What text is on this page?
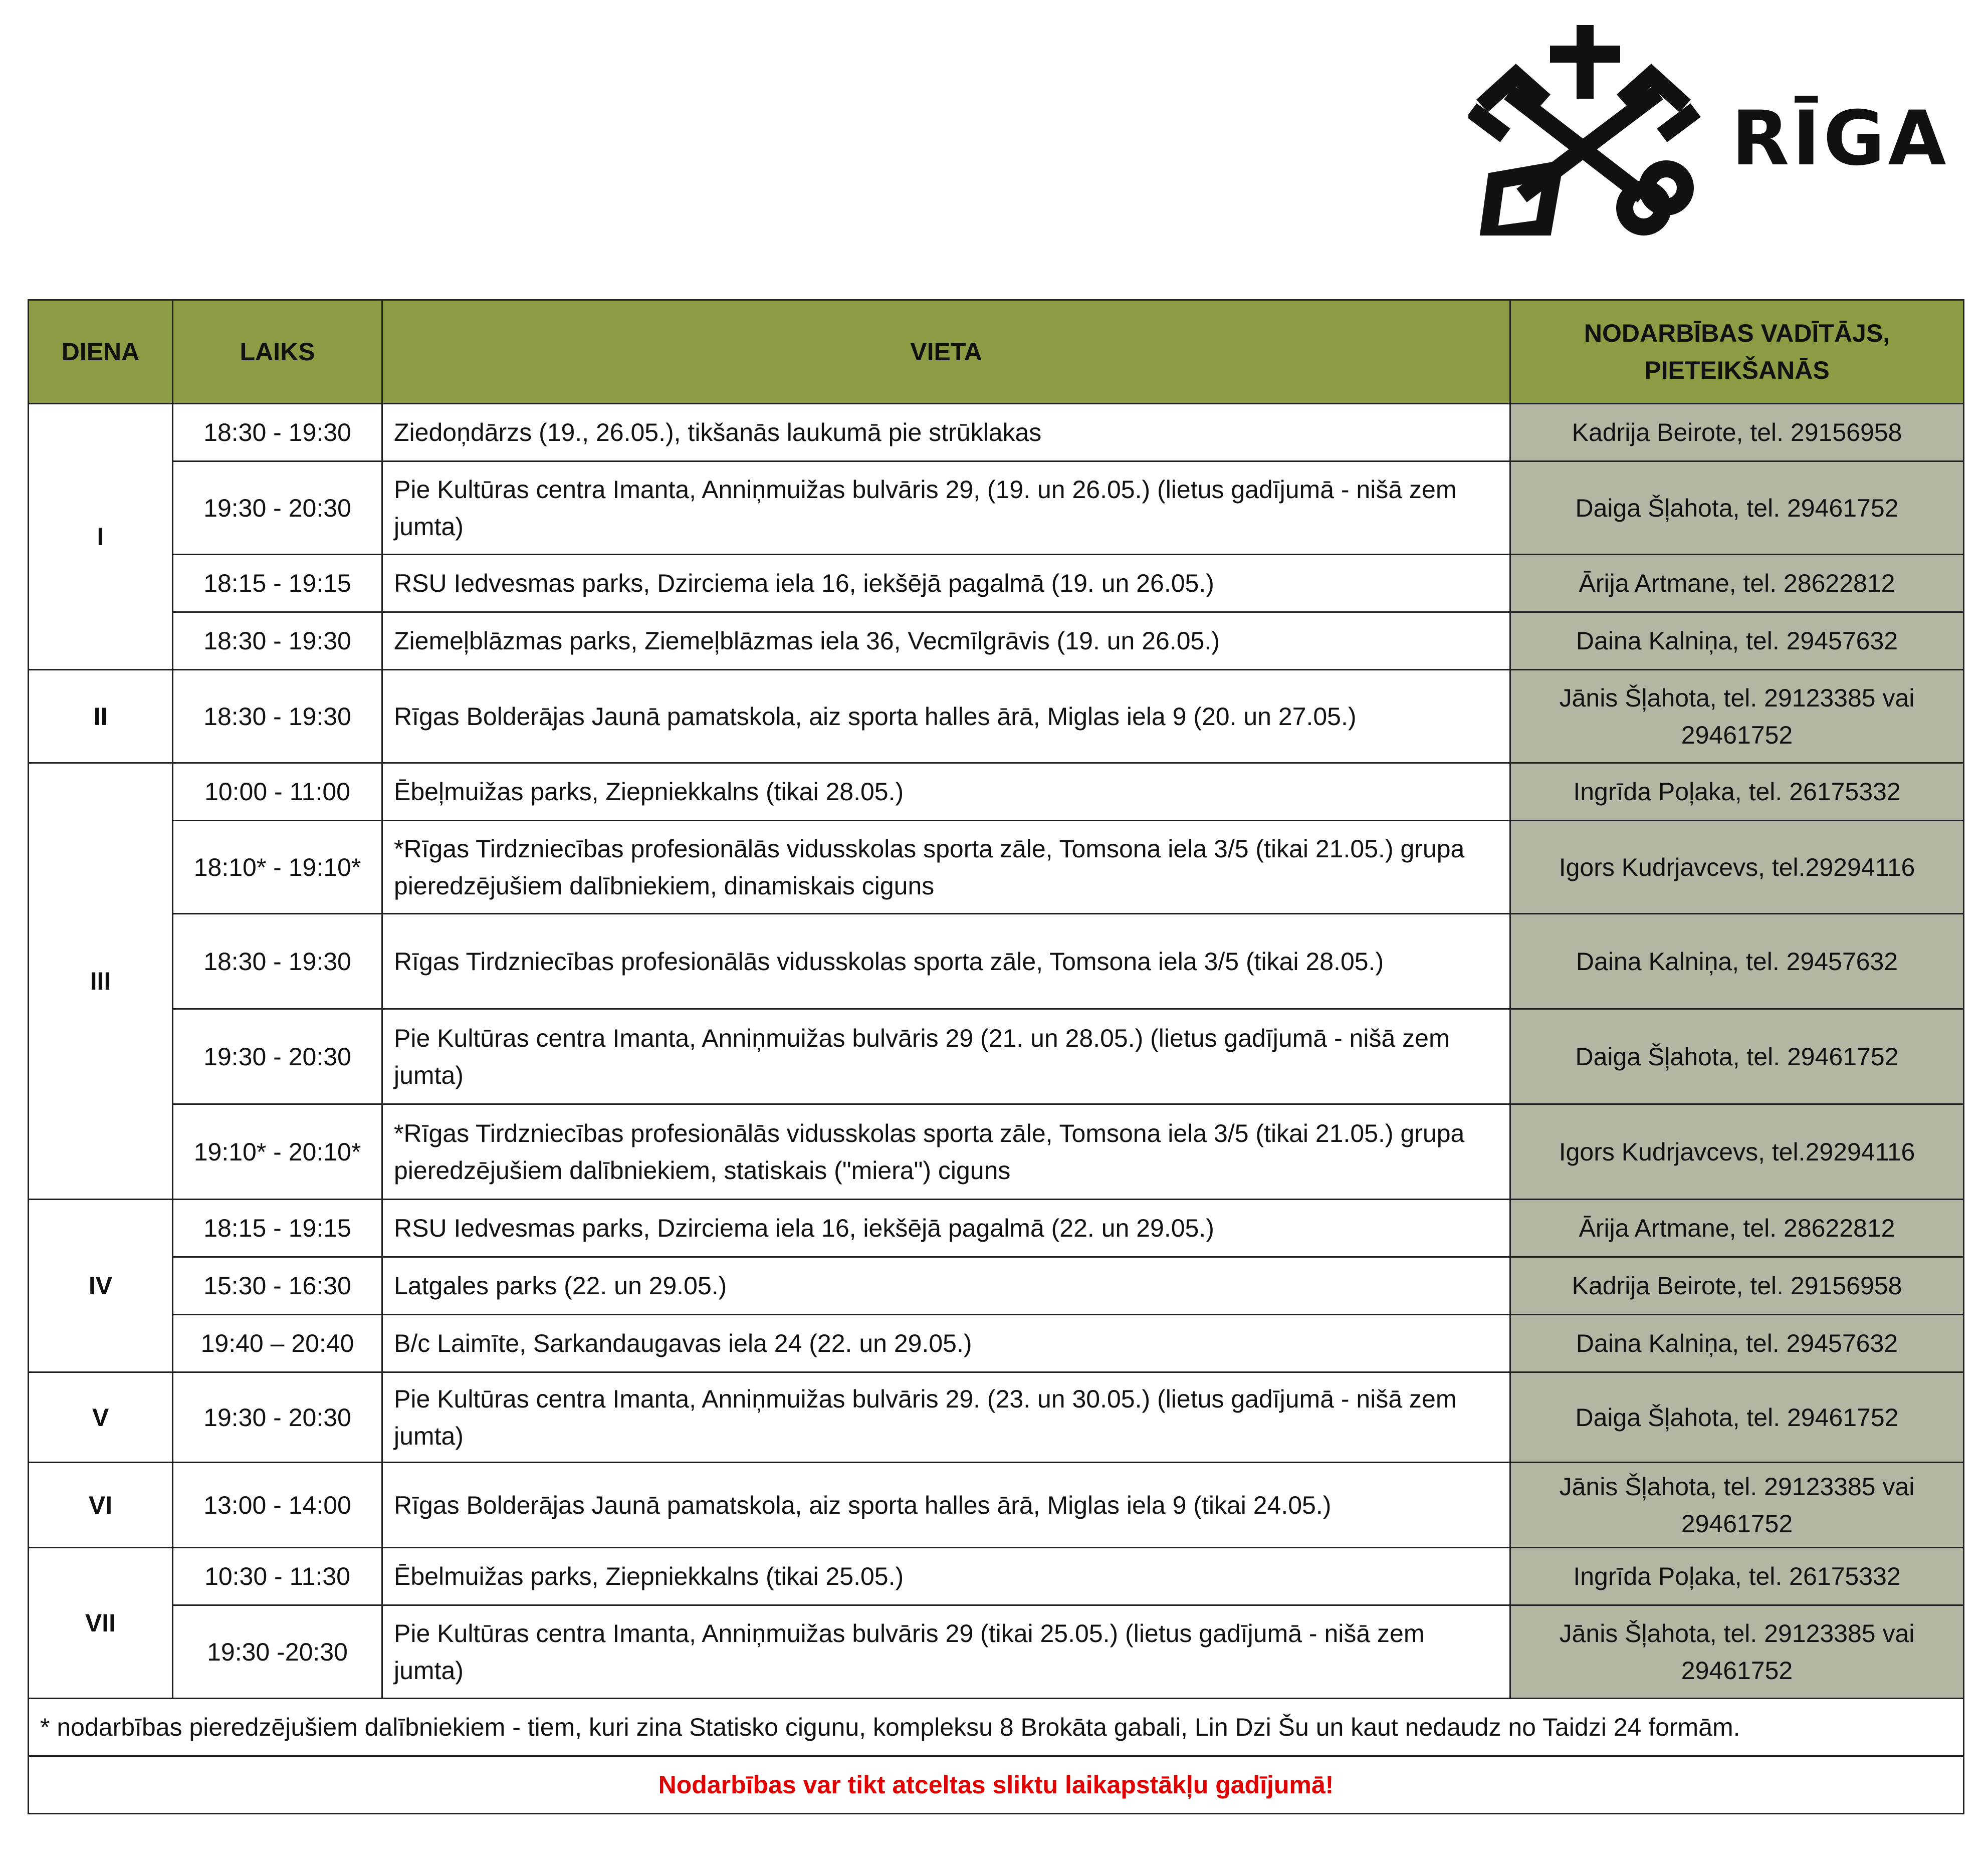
RĪGA
DIENA	LAIKS	VIETA	NODARBĪBAS VADĪTĀJS, PIETEIKŠANĀS
I	18:30 - 19:30	Ziedoņdārzs (19., 26.05.), tikšanās laukumā pie strūklakas	Kadrija Beirote, tel. 29156958
	19:30 - 20:30	Pie Kultūras centra Imanta, Anniņmuižas bulvāris 29, (19. un 26.05.) (lietus gadījumā - nišā zem jumta)	Daiga Šļahota, tel. 29461752
	18:15 - 19:15	RSU Iedvesmas parks, Dzirciema iela 16, iekšējā pagalmā (19. un 26.05.)	Ārija Artmane, tel. 28622812
	18:30 - 19:30	Ziemeļblāzmas parks, Ziemeļblāzmas iela 36, Vecmīlgrāvis (19. un 26.05.)	Daina Kalniņa, tel. 29457632
II	18:30 - 19:30	Rīgas Bolderājas Jaunā pamatskola, aiz sporta halles ārā, Miglas iela 9 (20. un 27.05.)	Jānis Šļahota, tel. 29123385 vai 29461752
III	10:00 - 11:00	Ēbeļmuižas parks, Ziepniekkalns (tikai 28.05.)	Ingrīda Poļaka, tel. 26175332
	18:10* - 19:10*	*Rīgas Tirdzniecības profesionālās vidusskolas sporta zāle, Tomsona iela 3/5 (tikai 21.05.) grupa pieredzējušiem dalībniekiem, dinamiskais ciguns	Igors Kudrjavcevs, tel.29294116
	18:30 - 19:30	Rīgas Tirdzniecības profesionālās vidusskolas sporta zāle, Tomsona iela 3/5 (tikai 28.05.)	Daina Kalniņa, tel. 29457632
	19:30 - 20:30	Pie Kultūras centra Imanta, Anniņmuižas bulvāris 29 (21. un 28.05.) (lietus gadījumā - nišā zem jumta)	Daiga Šļahota, tel. 29461752
	19:10* - 20:10*	*Rīgas Tirdzniecības profesionālās vidusskolas sporta zāle, Tomsona iela 3/5 (tikai 21.05.) grupa pieredzējušiem dalībniekiem, statiskais ("miera") ciguns	Igors Kudrjavcevs, tel.29294116
IV	18:15 - 19:15	RSU Iedvesmas parks, Dzirciema iela 16, iekšējā pagalmā (22. un 29.05.)	Ārija Artmane, tel. 28622812
	15:30 - 16:30	Latgales parks (22. un 29.05.)	Kadrija Beirote, tel. 29156958
	19:40 – 20:40	B/c Laimīte, Sarkandaugavas iela 24 (22. un 29.05.)	Daina Kalniņa, tel. 29457632
V	19:30 - 20:30	Pie Kultūras centra Imanta, Anniņmuižas bulvāris 29. (23. un 30.05.) (lietus gadījumā - nišā zem jumta)	Daiga Šļahota, tel. 29461752
VI	13:00 - 14:00	Rīgas Bolderājas Jaunā pamatskola, aiz sporta halles ārā, Miglas iela 9 (tikai 24.05.)	Jānis Šļahota, tel. 29123385 vai 29461752
VII	10:30 - 11:30	Ēbelmuižas parks, Ziepniekkalns (tikai 25.05.)	Ingrīda Poļaka, tel. 26175332
	19:30 -20:30	Pie Kultūras centra Imanta, Anniņmuižas bulvāris 29 (tikai 25.05.) (lietus gadījumā - nišā zem jumta)	Jānis Šļahota, tel. 29123385 vai 29461752
* nodarbības pieredzējušiem dalībniekiem - tiem, kuri zina Statisko cigunu, kompleksu 8 Brokāta gabali, Lin Dzi Šu un kaut nedaudz no Taidzi 24 formām.			
Nodarbības var tikt atceltas sliktu laikapstākļu gadījumā!			
